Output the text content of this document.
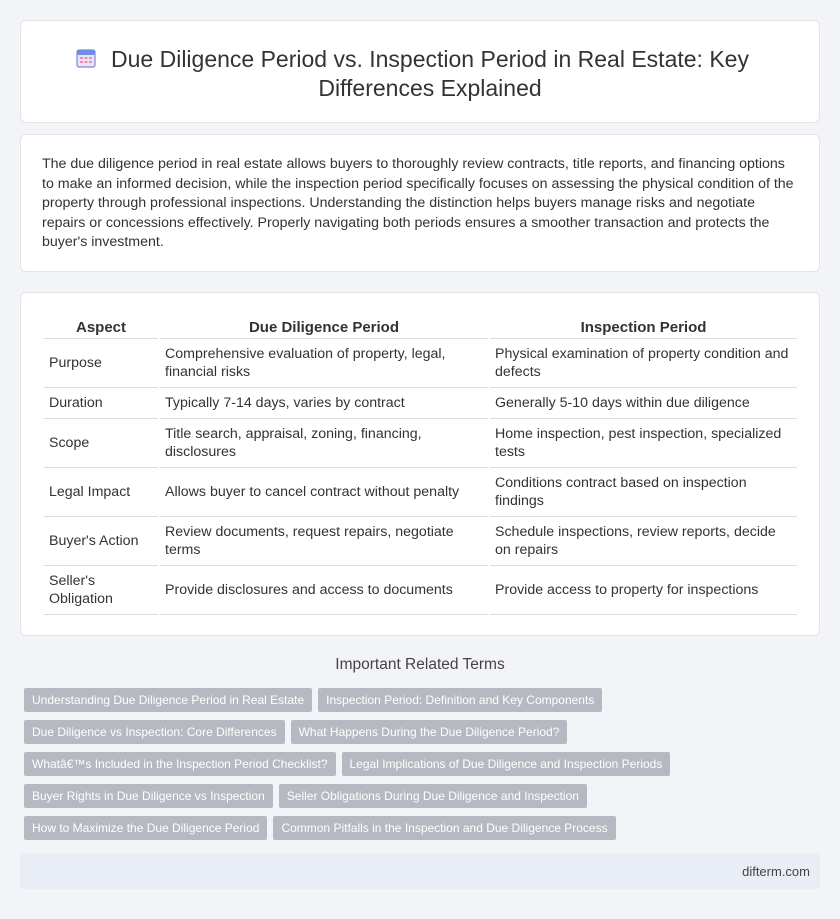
Due Diligence Period vs. Inspection Period in Real Estate: Key Differences Explained

The due diligence period in real estate allows buyers to thoroughly review contracts, title reports, and financing options to make an informed decision, while the inspection period specifically focuses on assessing the physical condition of the property through professional inspections. Understanding the distinction helps buyers manage risks and negotiate repairs or concessions effectively. Properly navigating both periods ensures a smoother transaction and protects the buyer's investment.

Aspect	Due Diligence Period	Inspection Period
Purpose	Comprehensive evaluation of property, legal, financial risks	Physical examination of property condition and defects
Duration	Typically 7-14 days, varies by contract	Generally 5-10 days within due diligence
Scope	Title search, appraisal, zoning, financing, disclosures	Home inspection, pest inspection, specialized tests
Legal Impact	Allows buyer to cancel contract without penalty	Conditions contract based on inspection findings
Buyer's Action	Review documents, request repairs, negotiate terms	Schedule inspections, review reports, decide on repairs
Seller's Obligation	Provide disclosures and access to documents	Provide access to property for inspections
Important Related Terms
Understanding Due Diligence Period in Real Estate	Inspection Period: Definition and Key Components
Due Diligence vs Inspection: Core Differences	What Happens During the Due Diligence Period?
Whatâ€™s Included in the Inspection Period Checklist?	Legal Implications of Due Diligence and Inspection Periods
Buyer Rights in Due Diligence vs Inspection	Seller Obligations During Due Diligence and Inspection
How to Maximize the Due Diligence Period	Common Pitfalls in the Inspection and Due Diligence Process
difterm.com
